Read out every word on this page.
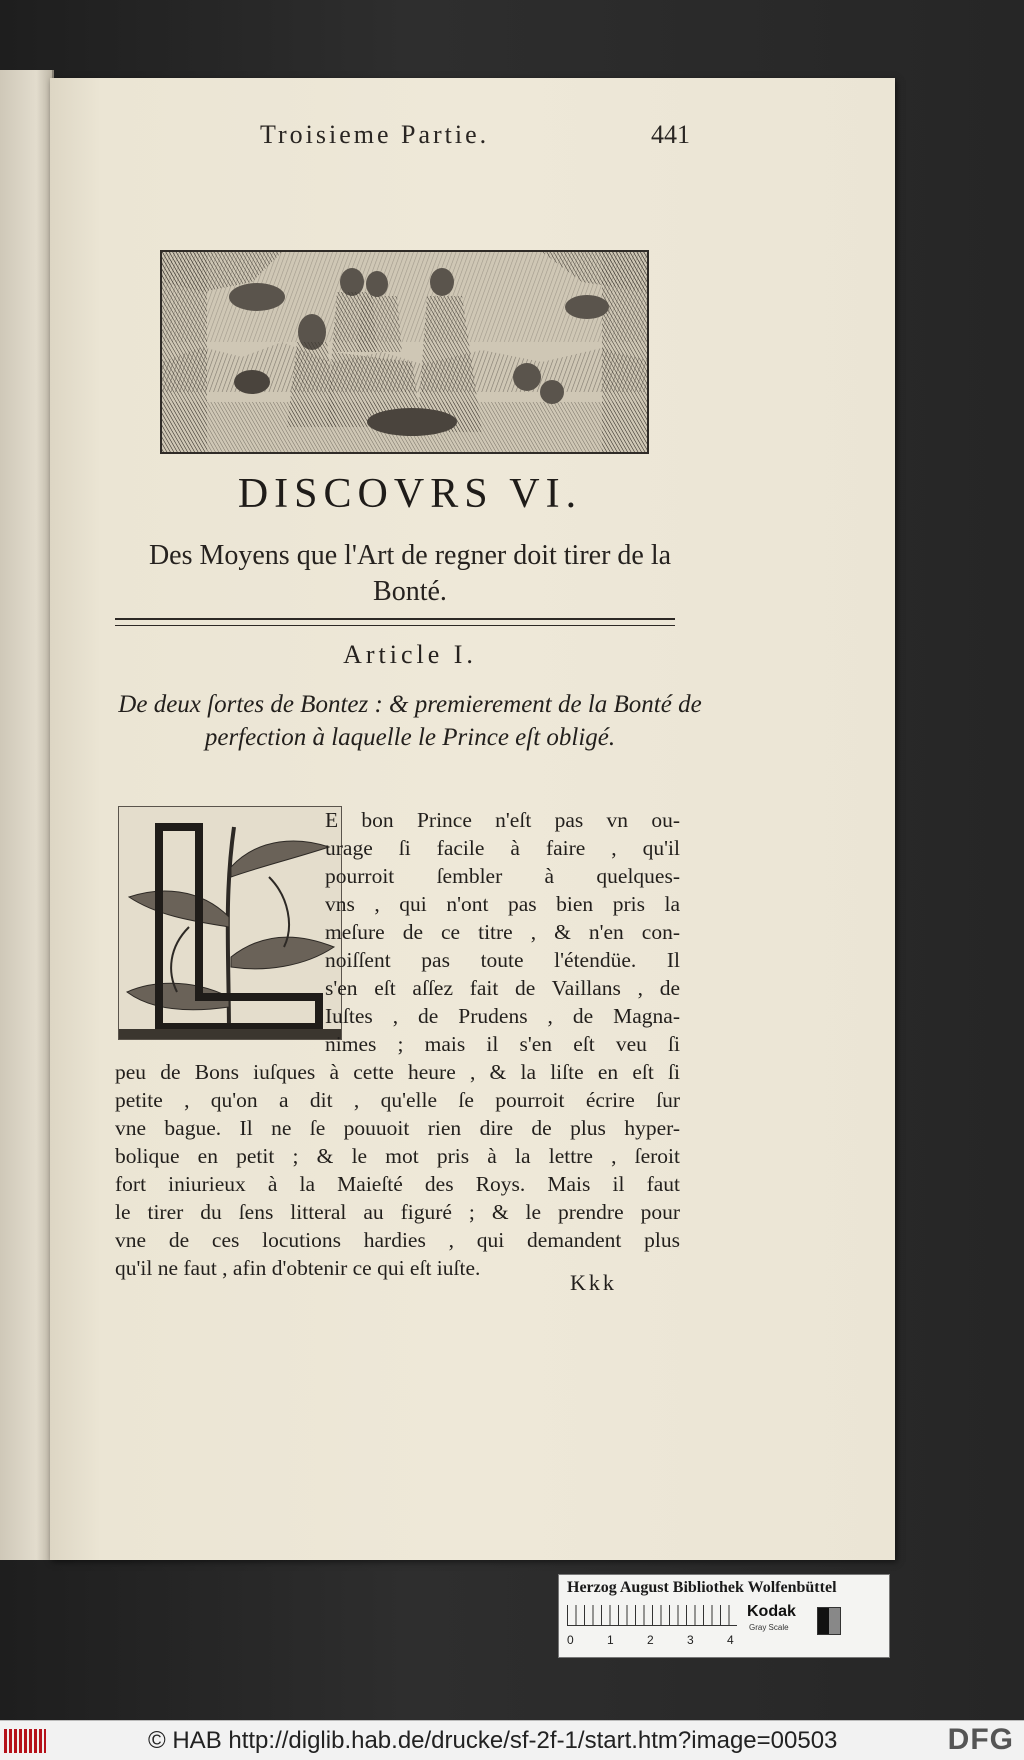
Troisieme Partie.	441
DISCOVRS VI.
Des Moyens que l'Art de regner doit tirer de la Bonté.
Article I.
De deux ſortes de Bontez : & premierement de la Bonté de perfection à laquelle le Prince eſt obligé.
E bon Prince n'eſt pas vn ou-
urage ſi facile à faire , qu'il
pourroit ſembler à quelques-
vns , qui n'ont pas bien pris la
meſure de ce titre , & n'en con-
noiſſent pas toute l'étendüe. Il
s'en eſt aſſez fait de Vaillans , de
Iuſtes , de Prudens , de Magna-
nimes ; mais il s'en eſt veu ſi
peu de Bons iuſques à cette heure , & la liſte en eſt ſi
petite , qu'on a dit , qu'elle ſe pourroit écrire ſur
vne bague. Il ne ſe pouuoit rien dire de plus hyper-
bolique en petit ; & le mot pris à la lettre , ſeroit
fort iniurieux à la Maieſté des Roys. Mais il faut
le tirer du ſens litteral au figuré ; & le prendre pour
vne de ces locutions hardies , qui demandent plus
qu'il ne faut , afin d'obtenir ce qui eſt iuſte.
Kkk
Herzog August Bibliothek Wolfenbüttel
0	1	2	3	4
Kodak
Gray Scale
© HAB http://diglib.hab.de/drucke/sf-2f-1/start.htm?image=00503	DFG
